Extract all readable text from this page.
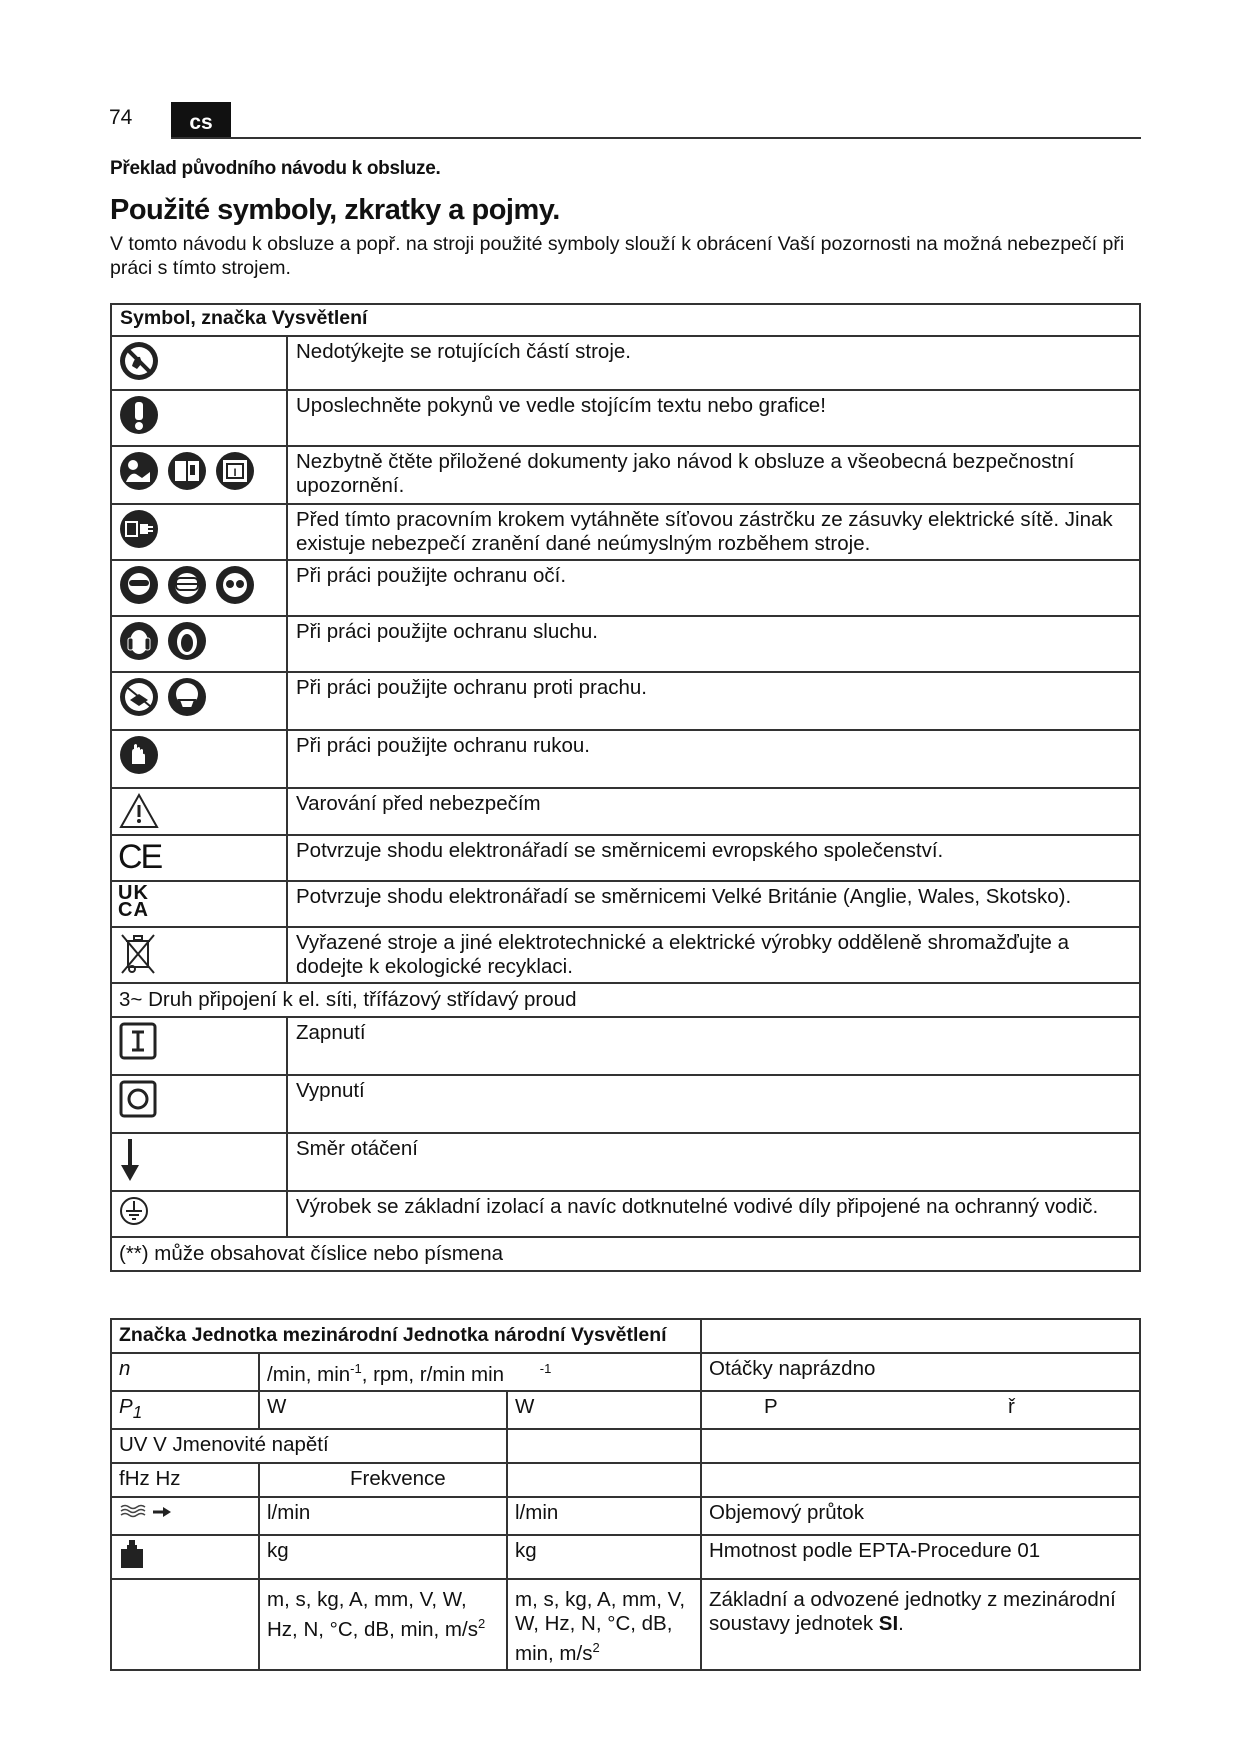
74	cs
Překlad původního návodu k obsluze.
Použité symboly, zkratky a pojmy.
V tomto návodu k obsluze a popř. na stroji použité symboly slouží k obrácení Vaší pozornosti na možná nebezpečí při práci s tímto strojem.
Symbol, značka Vysvětlení	

	Nedotýkejte se rotujících částí stroje.

	Uposlechněte pokynů ve vedle stojícím textu nebo grafice!

I	Nezbytně čtěte přiložené dokumenty jako návod k obsluze a všeobecná bezpečnostní upozornění.

	Před tímto pracovním krokem vytáhněte síťovou zástrčku ze zásuvky elektrické sítě. Jinak existuje nebezpečí zranění dané neúmyslným rozběhem stroje.

	Při práci použijte ochranu očí.

	Při práci použijte ochranu sluchu.

	Při práci použijte ochranu proti prachu.

	Při práci použijte ochranu rukou.

	Varování před nebezpečím

CE	Potvrzuje shodu elektronářadí se směrnicemi evropského společenství.

UK
CA	Potvrzuje shodu elektronářadí se směrnicemi Velké Británie (Anglie, Wales, Skotsko).

	Vyřazené stroje a jiné elektrotechnické a elektrické výrobky odděleně shromažďujte a dodejte k ekologické recyklaci.
3~ Druh připojení k el. síti, třífázový střídavý proud	

	Zapnutí

	Vypnutí

	Směr otáčení

	Výrobek se základní izolací a navíc dotknutelné vodivé díly připojené na ochranný vodič.
(**) může obsahovat číslice nebo písmena	
Značka Jednotka mezinárodní Jednotka národní Vysvětlení			
n	/min, $\min^{-1}$, rpm, r/min min $^{-1}$		Otáčky naprázdno
$P_1$	W	W	P ř
UV V Jmenovité napětí			
fHz Hz	Frekvence		
	l/min	l/min	Objemový průtok
	kg	kg	Hmotnost podle EPTA-Procedure 01
	m, s, kg, A, mm, V, W, Hz, N, °C, dB, min, $m/s^2$	m, s, kg, A, mm, V, W, Hz, N, °C, dB, min, $m/s^2$	Základní a odvozené jednotky z mezinárodní soustavy jednotek SI.
